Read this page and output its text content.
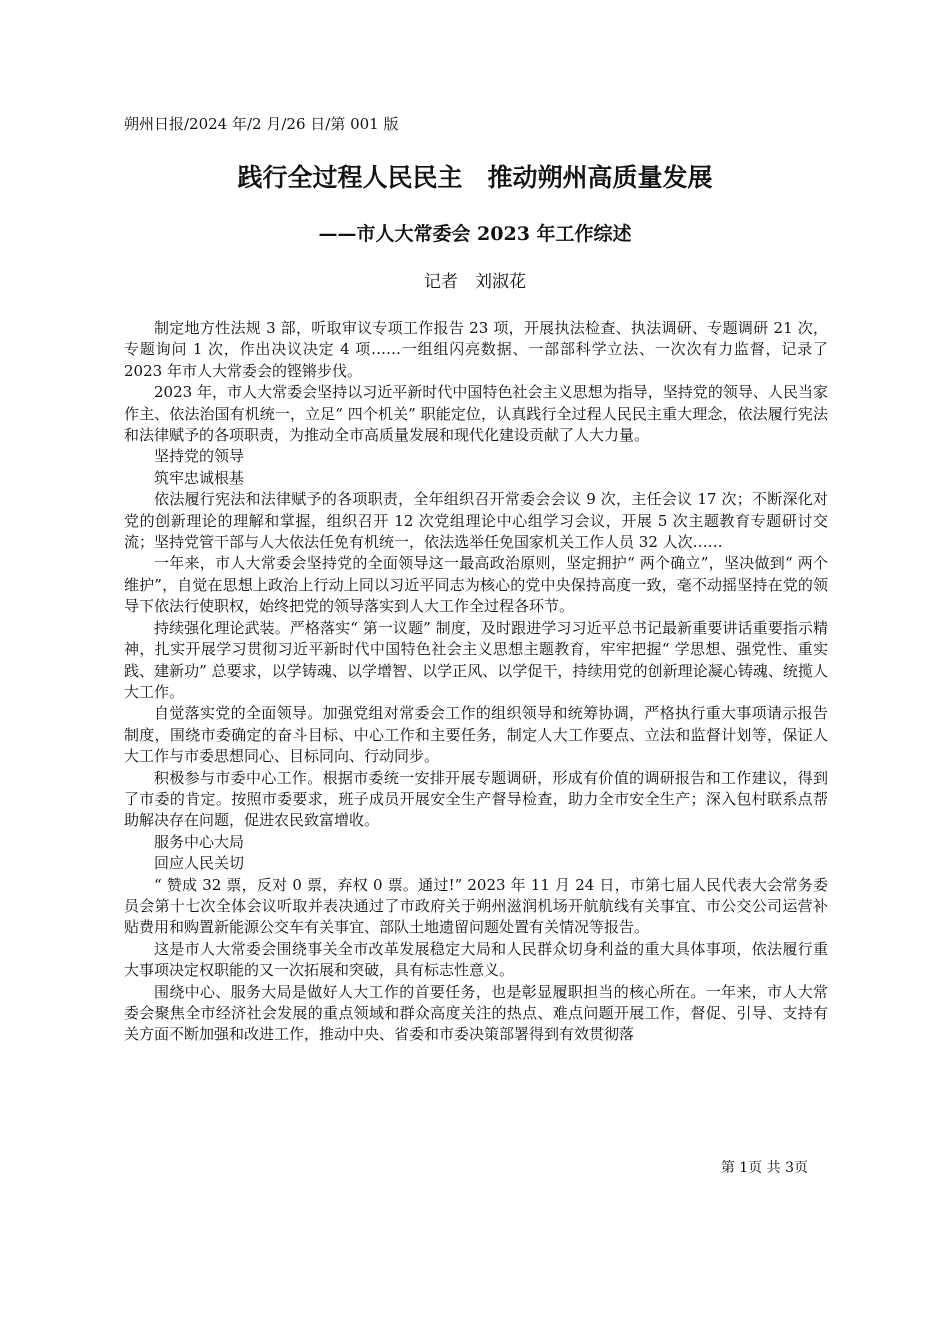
朔州日报/2024 年/2 月/26 日/第 001 版
践行全过程人民民主　推动朔州高质量发展
——市人大常委会 2023 年工作综述
记者　刘淑花

制定地方性法规 3 部，听取审议专项工作报告 23 项，开展执法检查、执法调研、专题调研 21 次，专题询问 1 次，作出决议决定 4 项……一组组闪亮数据、一部部科学立法、一次次有力监督，记录了 2023 年市人大常委会的铿锵步伐。

2023 年，市人大常委会坚持以习近平新时代中国特色社会主义思想为指导，坚持党的领导、人民当家作主、依法治国有机统一，立足“ 四个机关” 职能定位，认真践行全过程人民民主重大理念，依法履行宪法和法律赋予的各项职责，为推动全市高质量发展和现代化建设贡献了人大力量。

坚持党的领导

筑牢忠诚根基

依法履行宪法和法律赋予的各项职责，全年组织召开常委会会议 9 次，主任会议 17 次；不断深化对党的创新理论的理解和掌握，组织召开 12 次党组理论中心组学习会议，开展 5 次主题教育专题研讨交流；坚持党管干部与人大依法任免有机统一，依法选举任免国家机关工作人员 32 人次……

一年来，市人大常委会坚持党的全面领导这一最高政治原则，坚定拥护“ 两个确立”，坚决做到“ 两个维护”，自觉在思想上政治上行动上同以习近平同志为核心的党中央保持高度一致，毫不动摇坚持在党的领导下依法行使职权，始终把党的领导落实到人大工作全过程各环节。

持续强化理论武装。严格落实“ 第一议题” 制度，及时跟进学习习近平总书记最新重要讲话重要指示精神，扎实开展学习贯彻习近平新时代中国特色社会主义思想主题教育，牢牢把握“ 学思想、强党性、重实践、建新功” 总要求，以学铸魂、以学增智、以学正风、以学促干，持续用党的创新理论凝心铸魂、统揽人大工作。

自觉落实党的全面领导。加强党组对常委会工作的组织领导和统筹协调，严格执行重大事项请示报告制度，围绕市委确定的奋斗目标、中心工作和主要任务，制定人大工作要点、立法和监督计划等，保证人大工作与市委思想同心、目标同向、行动同步。

积极参与市委中心工作。根据市委统一安排开展专题调研，形成有价值的调研报告和工作建议，得到了市委的肯定。按照市委要求，班子成员开展安全生产督导检查，助力全市安全生产；深入包村联系点帮助解决存在问题，促进农民致富增收。

服务中心大局

回应人民关切

“ 赞成 32 票，反对 0 票，弃权 0 票。通过!” 2023 年 11 月 24 日，市第七届人民代表大会常务委员会第十七次全体会议听取并表决通过了市政府关于朔州滋润机场开航航线有关事宜、市公交公司运营补贴费用和购置新能源公交车有关事宜、部队土地遗留问题处置有关情况等报告。

这是市人大常委会围绕事关全市改革发展稳定大局和人民群众切身利益的重大具体事项，依法履行重大事项决定权职能的又一次拓展和突破，具有标志性意义。

围绕中心、服务大局是做好人大工作的首要任务，也是彰显履职担当的核心所在。一年来，市人大常委会聚焦全市经济社会发展的重点领域和群众高度关注的热点、难点问题开展工作，督促、引导、支持有关方面不断加强和改进工作，推动中央、省委和市委决策部署得到有效贯彻落

第 1页 共 3页
